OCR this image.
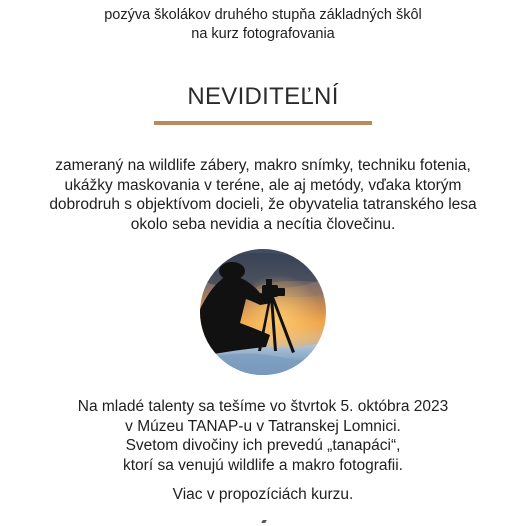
pozýva školákov druhého stupňa základných škôl
na kurz fotografovania
NEVIDITEĽNÍ
zameraný na wildlife zábery, makro snímky, techniku fotenia,
ukážky maskovania v teréne, ale aj metódy, vďaka ktorým
dobrodruh s objektívom docieli, že obyvatelia tatranského lesa
okolo seba nevidia a necítia človečinu.
Na mladé talenty sa tešíme vo štvrtok 5. októbra 2023
v Múzeu TANAP-u v Tatranskej Lomnici.
Svetom divočiny ich prevedú „tanapáci“,
ktorí sa venujú wildlife a makro fotografii.
Viac v propozíciách kurzu.
